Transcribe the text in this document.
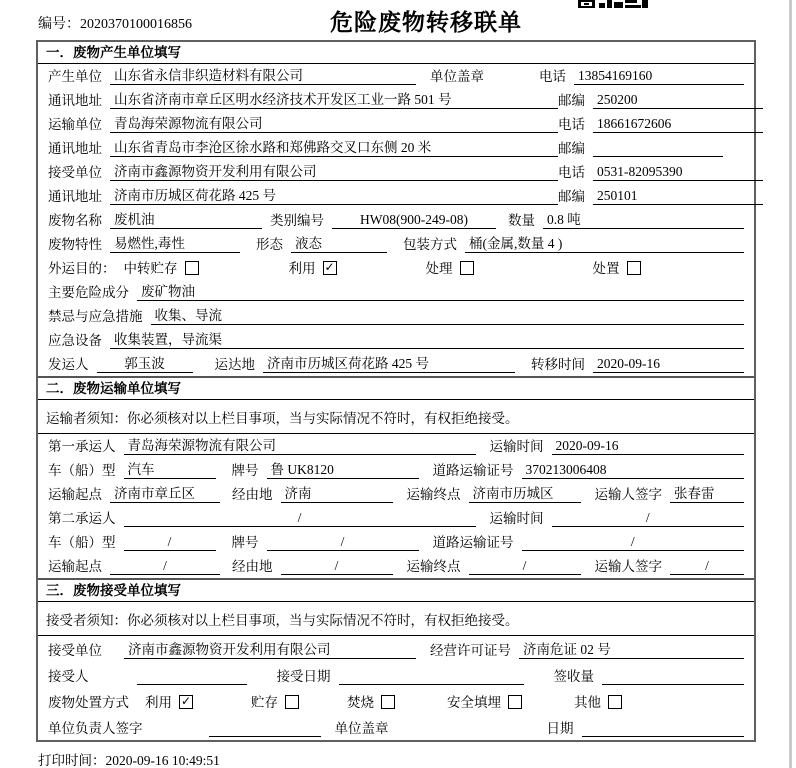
编号：2020370100016856	危险废物转移联单
一．废物产生单位填写
产生单位 山东省永信非织造材料有限公司	单位盖章	电话 13854169160
通讯地址 山东省济南市章丘区明水经济技术开发区工业一路 501 号	邮编 250200
运输单位 青岛海荣源物流有限公司	电话 18661672606
通讯地址 山东省青岛市李沧区徐水路和郑佛路交叉口东侧 20 米	邮编
接受单位 济南市鑫源物资开发利用有限公司	电话 0531-82095390
通讯地址 济南市历城区荷花路 425 号	邮编 250101
废物名称 废机油	类别编号	HW08(900-249-08)	数量 0.8 吨
废物特性 易燃性,毒性	形态 液态	包装方式 桶(金属,数量 4 )
外运目的： 中转贮存	利用 ✓	处理	处置
主要危险成分 废矿物油
禁忌与应急措施 收集、导流
应急设备 收集装置，导流渠
发运人	郭玉波	运达地 济南市历城区荷花路 425 号	转移时间 2020-09-16
二．废物运输单位填写
运输者须知：你必须核对以上栏目事项，当与实际情况不符时，有权拒绝接受。
第一承运人 青岛海荣源物流有限公司	运输时间 2020-09-16
车（船）型 汽车	牌号 鲁 UK8120	道路运输证号 370213006408
运输起点 济南市章丘区	经由地 济南	运输终点 济南市历城区	运输人签字 张春雷
第二承运人	/	运输时间	/
车（船）型	/	牌号	/	道路运输证号	/
运输起点	/	经由地	/	运输终点	/	运输人签字	/
三．废物接受单位填写
接受者须知：你必须核对以上栏目事项，当与实际情况不符时，有权拒绝接受。
接受单位 济南市鑫源物资开发利用有限公司	经营许可证号 济南危证 02 号
接受人	接受日期	签收量
废物处置方式 利用 ✓	贮存	焚烧	安全填埋	其他
单位负责人签字	单位盖章	日期
打印时间：2020-09-16 10:49:51
